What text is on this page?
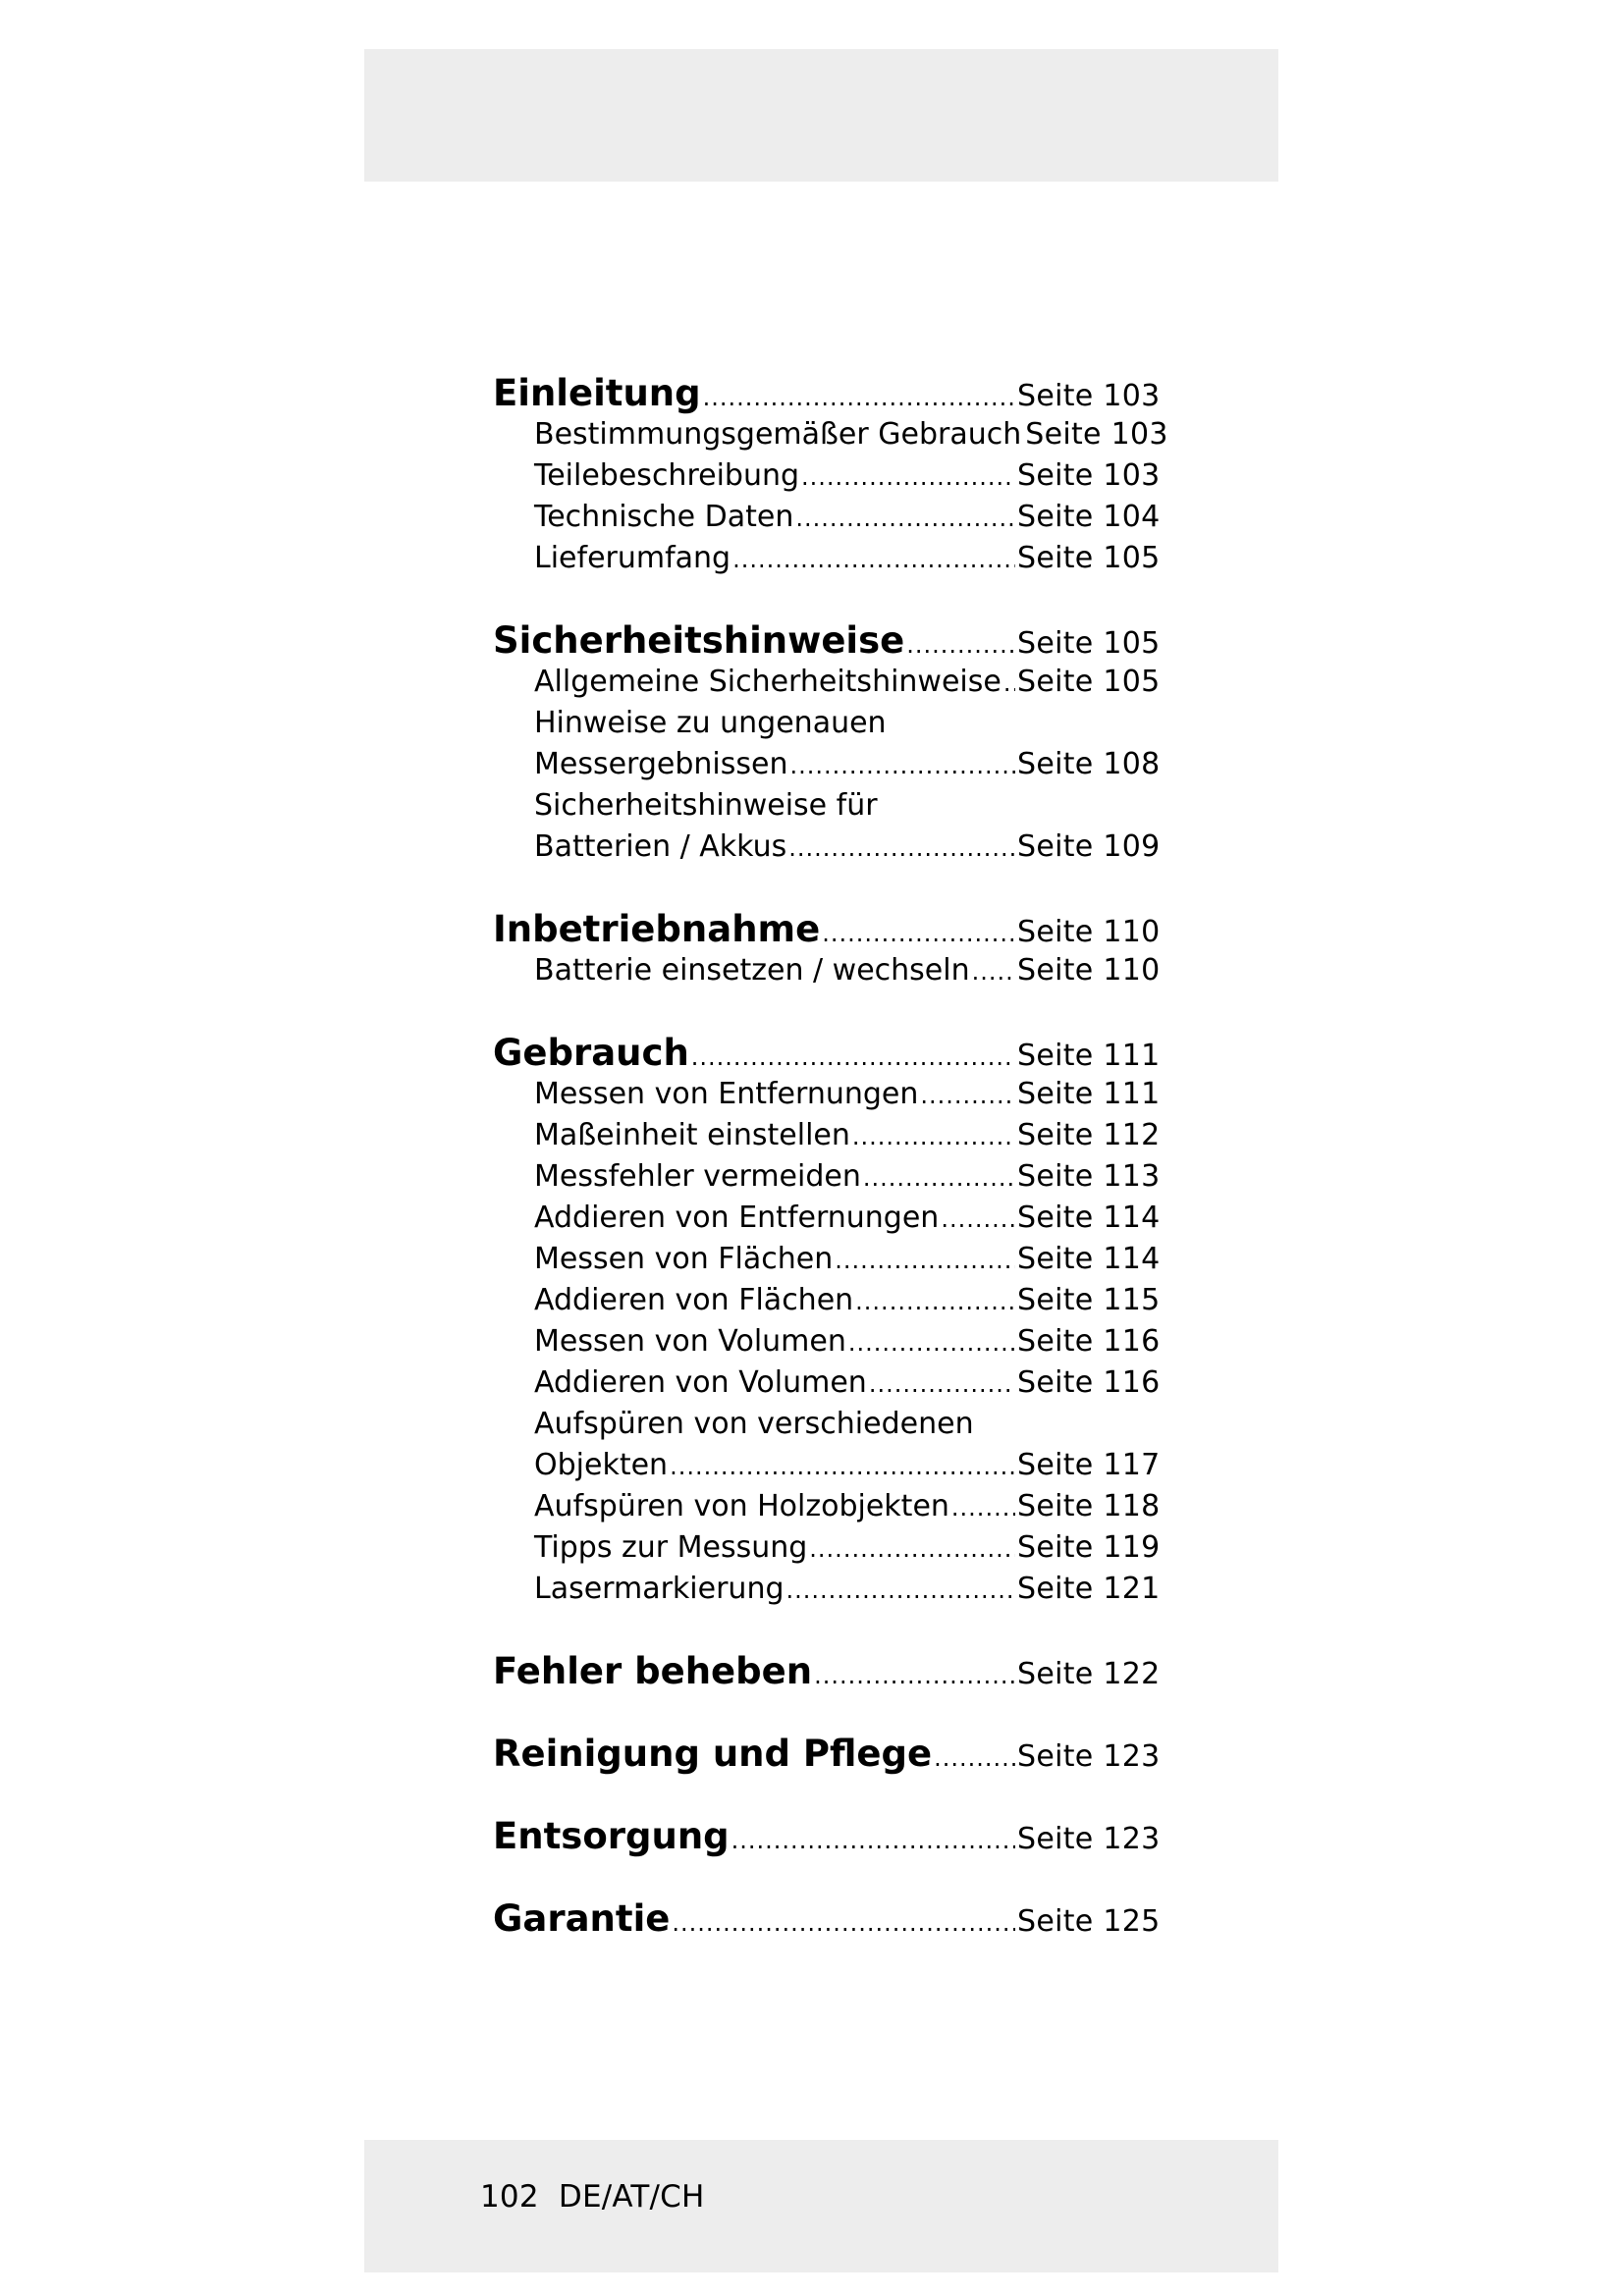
Einleitung .....	Seite 103
Bestimmungsgemäßer Gebrauch Seite 103
Teilebeschreibung .....	Seite 103
Technische Daten .....	Seite 104
Lieferumfang .....	Seite 105
Sicherheitshinweise .....	Seite 105
Allgemeine Sicherheitshinweise ..... Seite 105
Hinweise zu ungenauen
Messergebnissen .....	Seite 108
Sicherheitshinweise für
Batterien / Akkus .....	Seite 109
Inbetriebnahme .....	Seite 110
Batterie einsetzen / wechseln ..... Seite 110
Gebrauch .....	Seite 111
Messen von Entfernungen .....	Seite 111
Maßeinheit einstellen .....	Seite 112
Messfehler vermeiden .....	Seite 113
Addieren von Entfernungen .....	Seite 114
Messen von Flächen .....	Seite 114
Addieren von Flächen .....	Seite 115
Messen von Volumen .....	Seite 116
Addieren von Volumen .....	Seite 116
Aufspüren von verschiedenen
Objekten .....	Seite 117
Aufspüren von Holzobjekten ..... Seite 118
Tipps zur Messung .....	Seite 119
Lasermarkierung .....	Seite 121
Fehler beheben .....	Seite 122
Reinigung und Pflege .....	Seite 123
Entsorgung .....	Seite 123
Garantie .....	Seite 125
102 DE/AT/CH
